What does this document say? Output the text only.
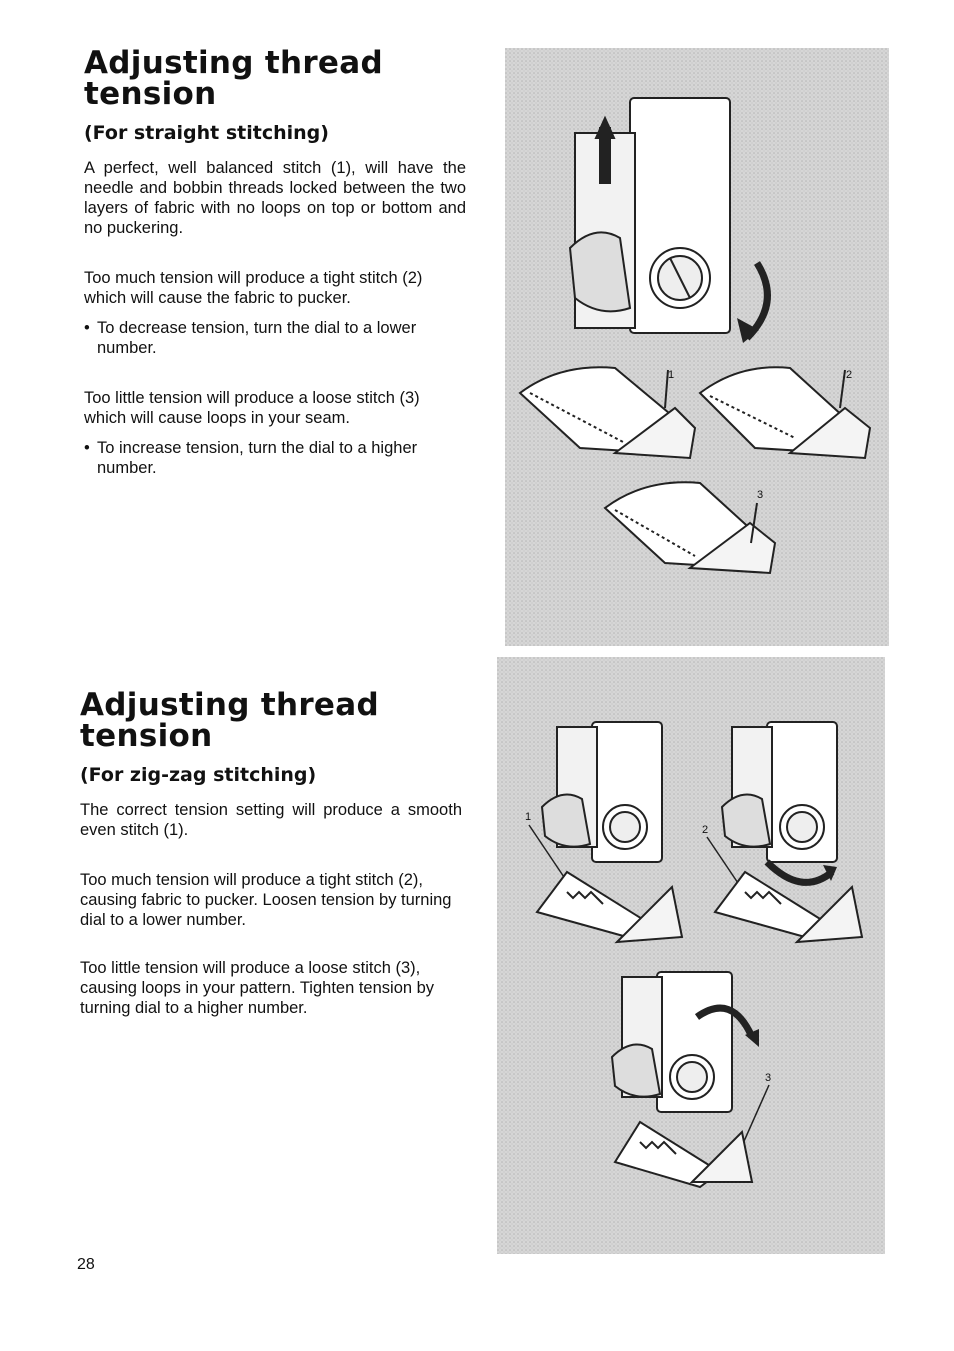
Adjusting thread tension
(For straight stitching)

A perfect, well balanced stitch (1), will have the needle and bobbin threads locked between the two layers of fabric with no loops on top or bottom and no puckering.

Too much tension will produce a tight stitch (2) which will cause the fabric to pucker.

• To decrease tension, turn the dial to a lower number.

Too little tension will produce a loose stitch (3) which will cause loops in your seam.

• To increase tension, turn the dial to a higher number.

Adjusting thread tension
(For zig-zag stitching)

The correct tension setting will produce a smooth even stitch (1).

Too much tension will produce a tight stitch (2), causing fabric to pucker. Loosen tension by turning dial to a lower number.

Too little tension will produce a loose stitch (3), causing loops in your pattern. Tighten tension by turning dial to a higher number.

28
1	2
3
1
2
3
